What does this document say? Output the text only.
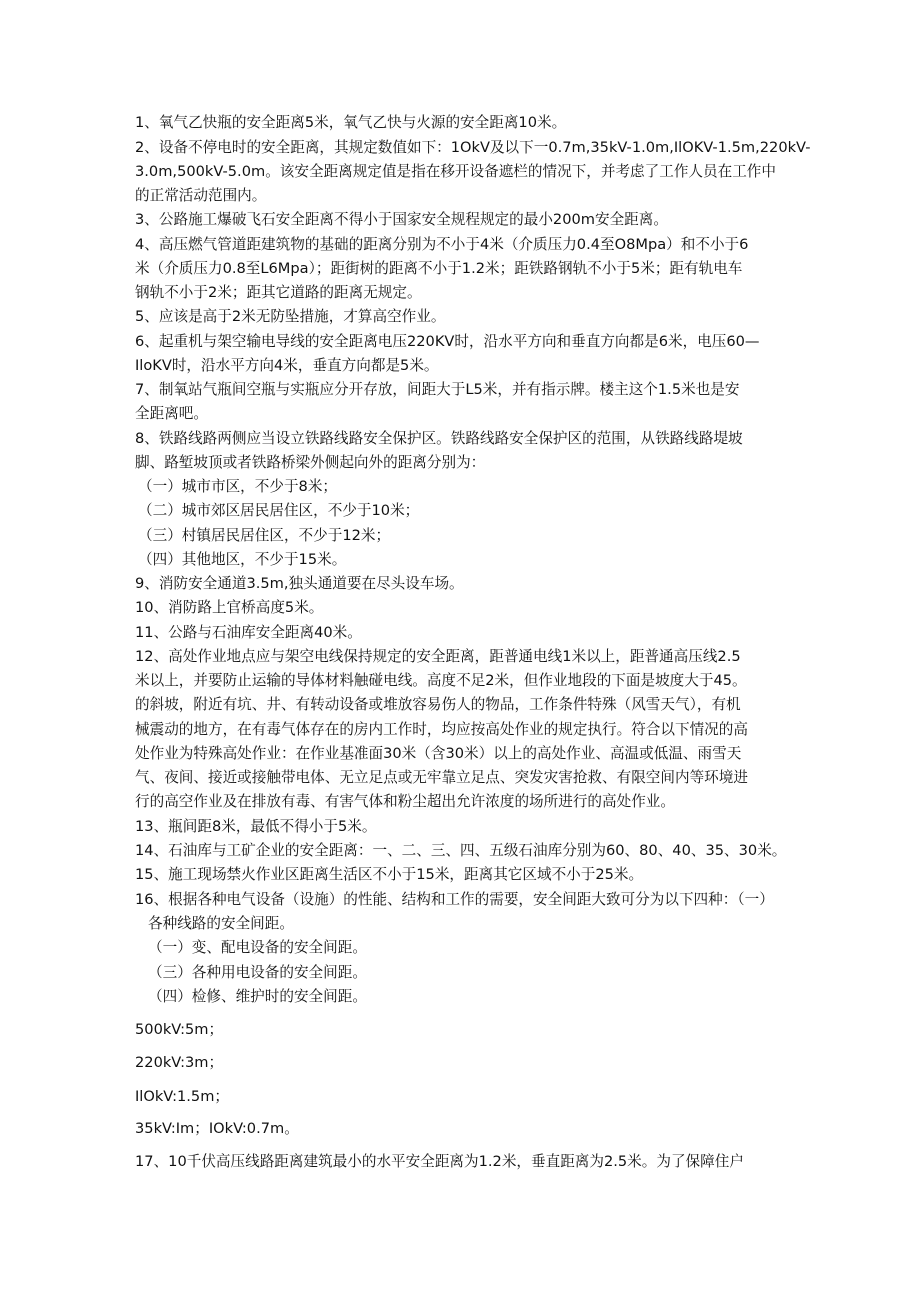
1、氧气乙快瓶的安全距离5米，氧气乙快与火源的安全距离10米。
2、设备不停电时的安全距离，其规定数值如下：1OkV及以下一0.7m,35kV-1.0m,IlOKV-1.5m,220kV-
3.0m,500kV-5.0m。该安全距离规定值是指在移开设备遮栏的情况下，并考虑了工作人员在工作中
的正常活动范围内。
3、公路施工爆破飞石安全距离不得小于国家安全规程规定的最小200m安全距离。
4、高压燃气管道距建筑物的基础的距离分别为不小于4米（介质压力0.4至O8Mpa）和不小于6
米（介质压力0.8至L6Mpa）；距街树的距离不小于1.2米；距铁路钢轨不小于5米；距有轨电车
钢轨不小于2米；距其它道路的距离无规定。
5、应该是高于2米无防坠措施，才算高空作业。
6、起重机与架空输电导线的安全距离电压220KV时，沿水平方向和垂直方向都是6米，电压60—
IloKV时，沿水平方向4米，垂直方向都是5米。
7、制氧站气瓶间空瓶与实瓶应分开存放，间距大于L5米，并有指示牌。楼主这个1.5米也是安
全距离吧。
8、铁路线路两侧应当设立铁路线路安全保护区。铁路线路安全保护区的范围，从铁路线路堤坡
脚、路堑坡顶或者铁路桥梁外侧起向外的距离分别为：
（一）城市市区，不少于8米；
（二）城市郊区居民居住区，不少于10米；
（三）村镇居民居住区，不少于12米；
（四）其他地区，不少于15米。
9、消防安全通道3.5m,独头通道要在尽头设车场。
10、消防路上官桥高度5米。
11、公路与石油库安全距离40米。
12、高处作业地点应与架空电线保持规定的安全距离，距普通电线1米以上，距普通高压线2.5
米以上，并要防止运输的导体材料触碰电线。高度不足2米，但作业地段的下面是坡度大于45。
的斜坡，附近有坑、井、有转动设备或堆放容易伤人的物品，工作条件特殊（风雪天气），有机
械震动的地方，在有毒气体存在的房内工作时，均应按高处作业的规定执行。符合以下情况的高
处作业为特殊高处作业：在作业基准面30米（含30米）以上的高处作业、高温或低温、雨雪天
气、夜间、接近或接触带电体、无立足点或无牢靠立足点、突发灾害抢救、有限空间内等环境进
行的高空作业及在排放有毒、有害气体和粉尘超出允许浓度的场所进行的高处作业。
13、瓶间距8米，最低不得小于5米。
14、石油库与工矿企业的安全距离：一、二、三、四、五级石油库分别为60、80、40、35、30米。
15、施工现场禁火作业区距离生活区不小于15米，距离其它区域不小于25米。
16、根据各种电气设备（设施）的性能、结构和工作的需要，安全间距大致可分为以下四种：（一）
各种线路的安全间距。
（一）变、配电设备的安全间距。
（三）各种用电设备的安全间距。
（四）检修、维护时的安全间距。
500kV:5m；
220kV:3m；
IlOkV:1.5m；
35kV:Im；IOkV:0.7m。
17、10千伏高压线路距离建筑最小的水平安全距离为1.2米，垂直距离为2.5米。为了保障住户
